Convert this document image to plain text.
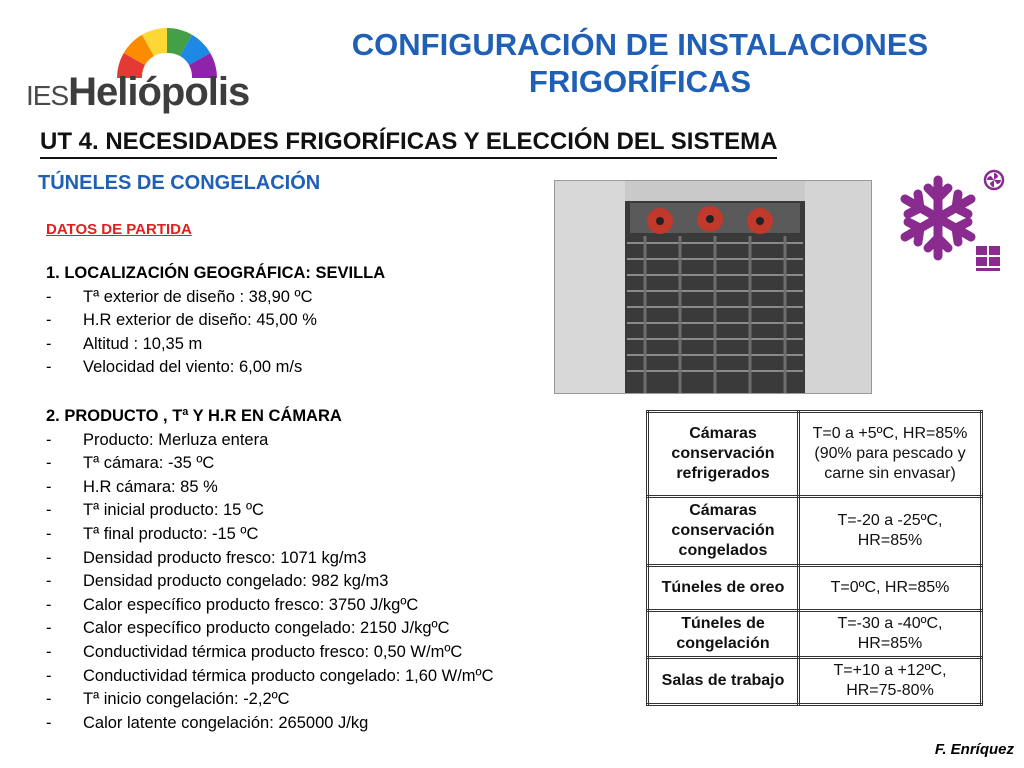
IESHeliópolis
CONFIGURACIÓN DE INSTALACIONES FRIGORÍFICAS
UT 4. NECESIDADES FRIGORÍFICAS Y ELECCIÓN DEL SISTEMA
TÚNELES DE CONGELACIÓN
DATOS DE PARTIDA
1. LOCALIZACIÓN GEOGRÁFICA: SEVILLA
-	Tª exterior de diseño : 38,90 ºC
-	H.R exterior de diseño: 45,00 %
-	Altitud : 10,35 m
-	Velocidad del viento: 6,00 m/s
2. PRODUCTO , Tª Y H.R EN CÁMARA
-	Producto: Merluza entera
-	Tª cámara: -35 ºC
-	H.R cámara: 85 %
-	Tª inicial producto: 15 ºC
-	Tª final producto: -15 ºC
-	Densidad producto fresco: 1071 kg/m3
-	Densidad producto congelado: 982 kg/m3
-	Calor específico producto fresco: 3750 J/kgºC
-	Calor específico producto congelado: 2150 J/kgºC
-	Conductividad térmica producto fresco: 0,50 W/mºC
-	Conductividad térmica producto congelado: 1,60 W/mºC
-	Tª inicio congelación: -2,2ºC
-	Calor latente congelación: 265000 J/kg
Cámaras conservación refrigerados	T=0 a +5ºC, HR=85% (90% para pescado y carne sin envasar)
Cámaras conservación congelados	T=-20 a -25ºC, HR=85%
Túneles de oreo	T=0ºC, HR=85%
Túneles de congelación	T=-30 a -40ºC, HR=85%
Salas de trabajo	T=+10 a +12ºC, HR=75-80%
F. Enríquez
